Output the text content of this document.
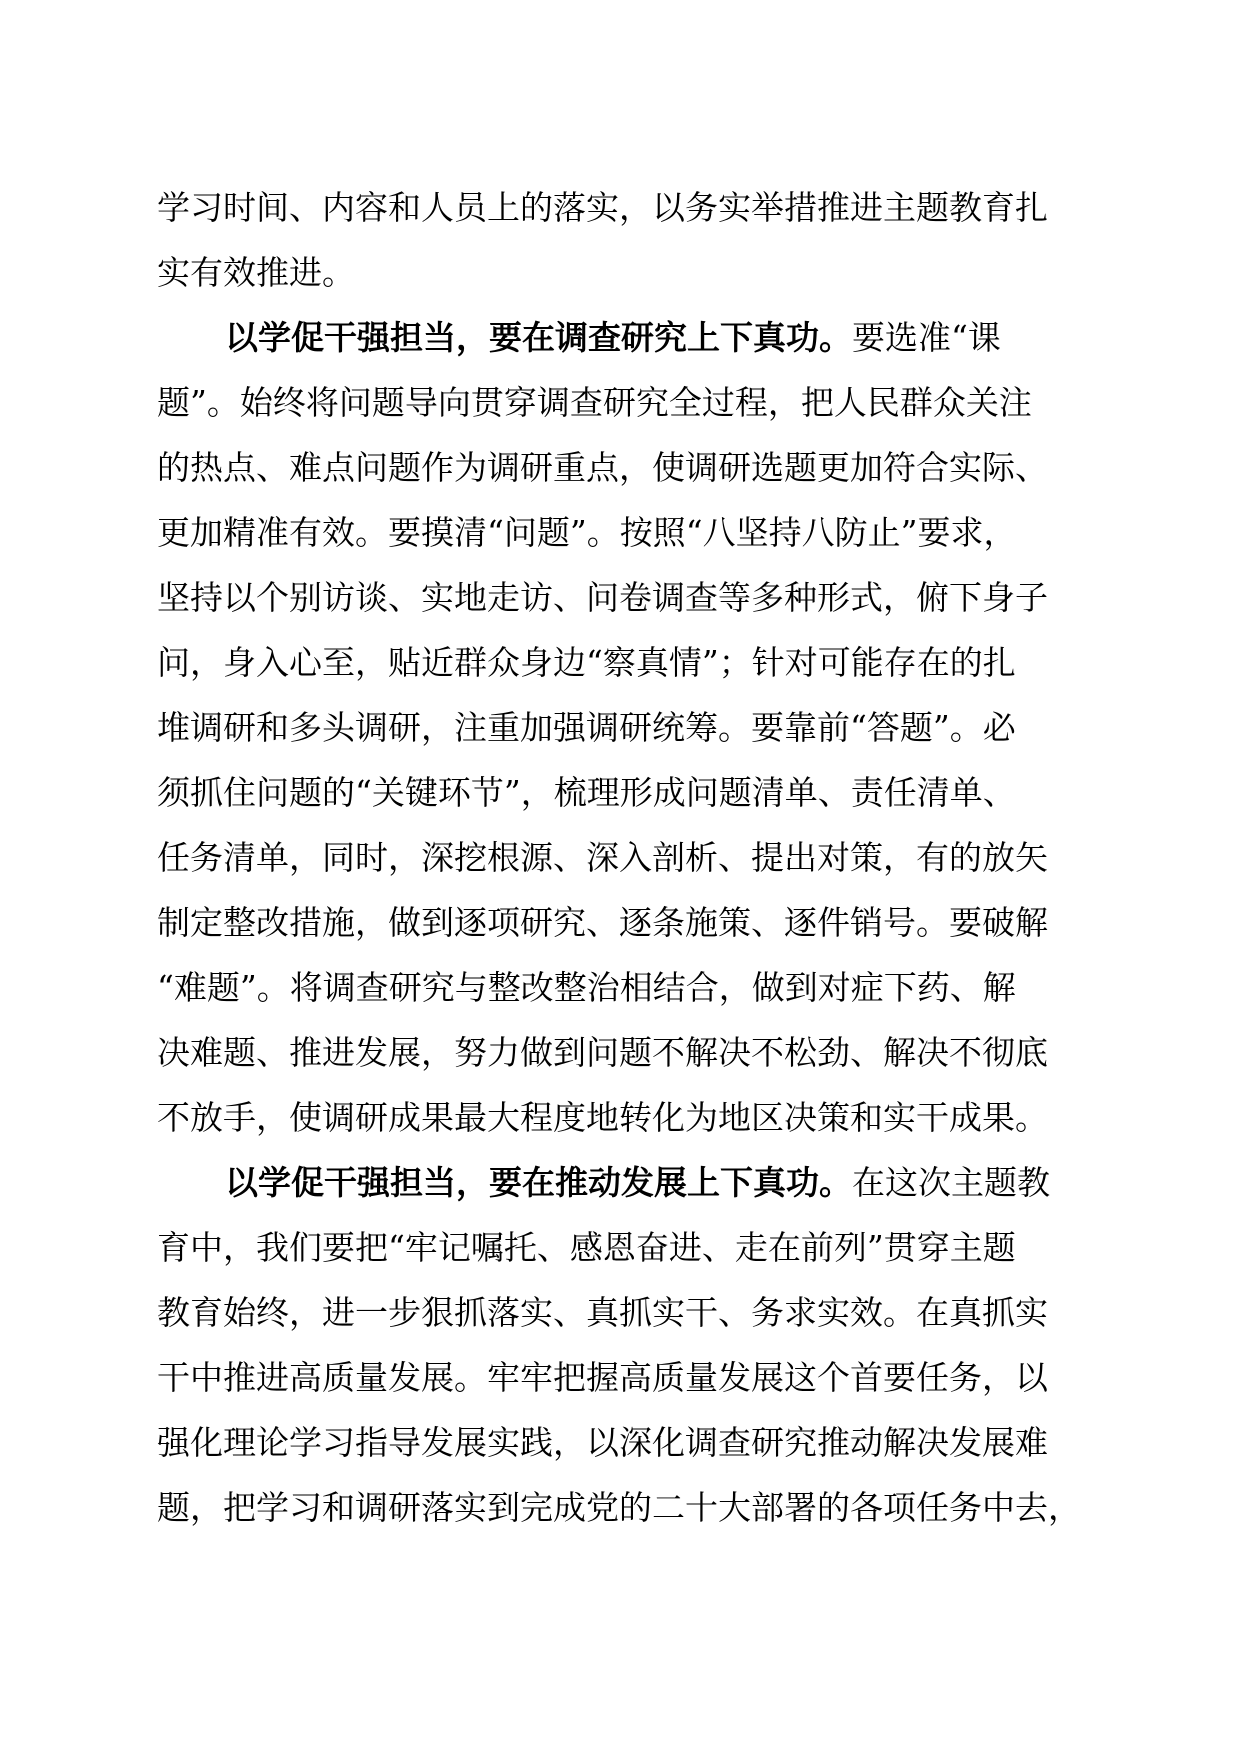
学习时间、内容和人员上的落实，以务实举措推进主题教育扎
实有效推进。
以学促干强担当，要在调查研究上下真功。要选准“课
题”。始终将问题导向贯穿调查研究全过程，把人民群众关注
的热点、难点问题作为调研重点，使调研选题更加符合实际、
更加精准有效。要摸清“问题”。按照“八坚持八防止”要求，
坚持以个别访谈、实地走访、问卷调查等多种形式，俯下身子
问，身入心至，贴近群众身边“察真情”；针对可能存在的扎
堆调研和多头调研，注重加强调研统筹。要靠前“答题”。必
须抓住问题的“关键环节”，梳理形成问题清单、责任清单、
任务清单，同时，深挖根源、深入剖析、提出对策，有的放矢
制定整改措施，做到逐项研究、逐条施策、逐件销号。要破解
“难题”。将调查研究与整改整治相结合，做到对症下药、解
决难题、推进发展，努力做到问题不解决不松劲、解决不彻底
不放手，使调研成果最大程度地转化为地区决策和实干成果。
以学促干强担当，要在推动发展上下真功。在这次主题教
育中，我们要把“牢记嘱托、感恩奋进、走在前列”贯穿主题
教育始终，进一步狠抓落实、真抓实干、务求实效。在真抓实
干中推进高质量发展。牢牢把握高质量发展这个首要任务，以
强化理论学习指导发展实践，以深化调查研究推动解决发展难
题，把学习和调研落实到完成党的二十大部署的各项任务中去，
